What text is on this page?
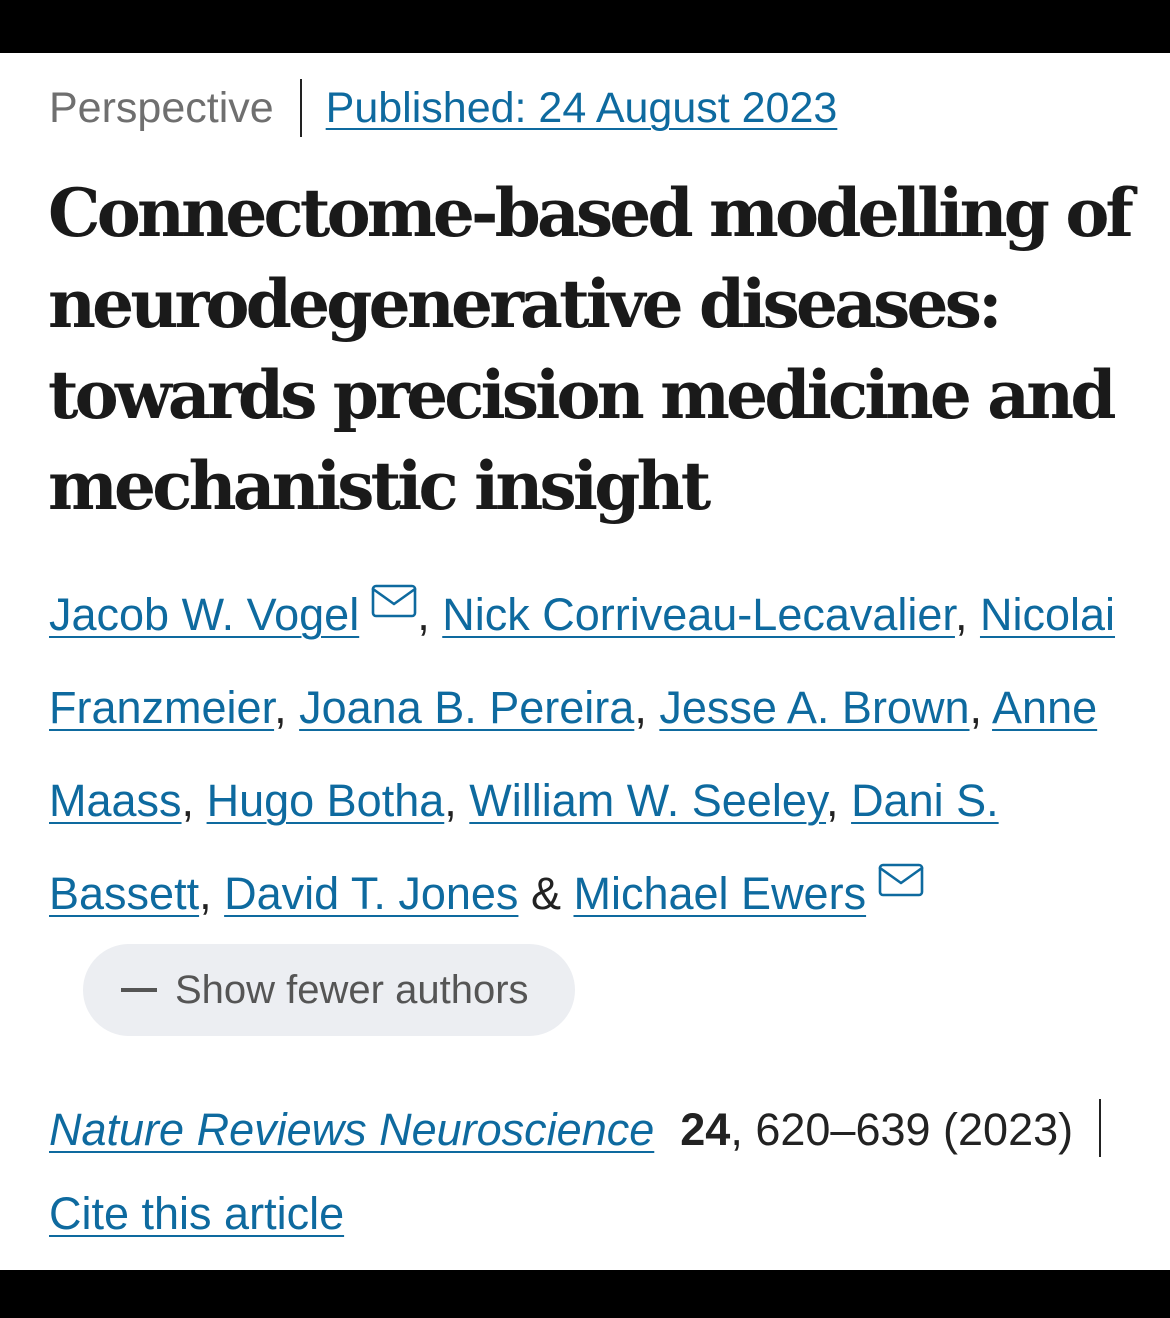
Perspective Published: 24 August 2023
Connectome-based modelling of neurodegenerative diseases: towards precision medicine and mechanistic insight
Jacob W. Vogel , Nick Corriveau-Lecavalier, Nicolai Franzmeier, Joana B. Pereira, Jesse A. Brown, Anne Maass, Hugo Botha, William W. Seeley, Dani S. Bassett, David T. Jones & Michael Ewers
Show fewer authors
Nature Reviews Neuroscience 24, 620–639 (2023)Cite this article
